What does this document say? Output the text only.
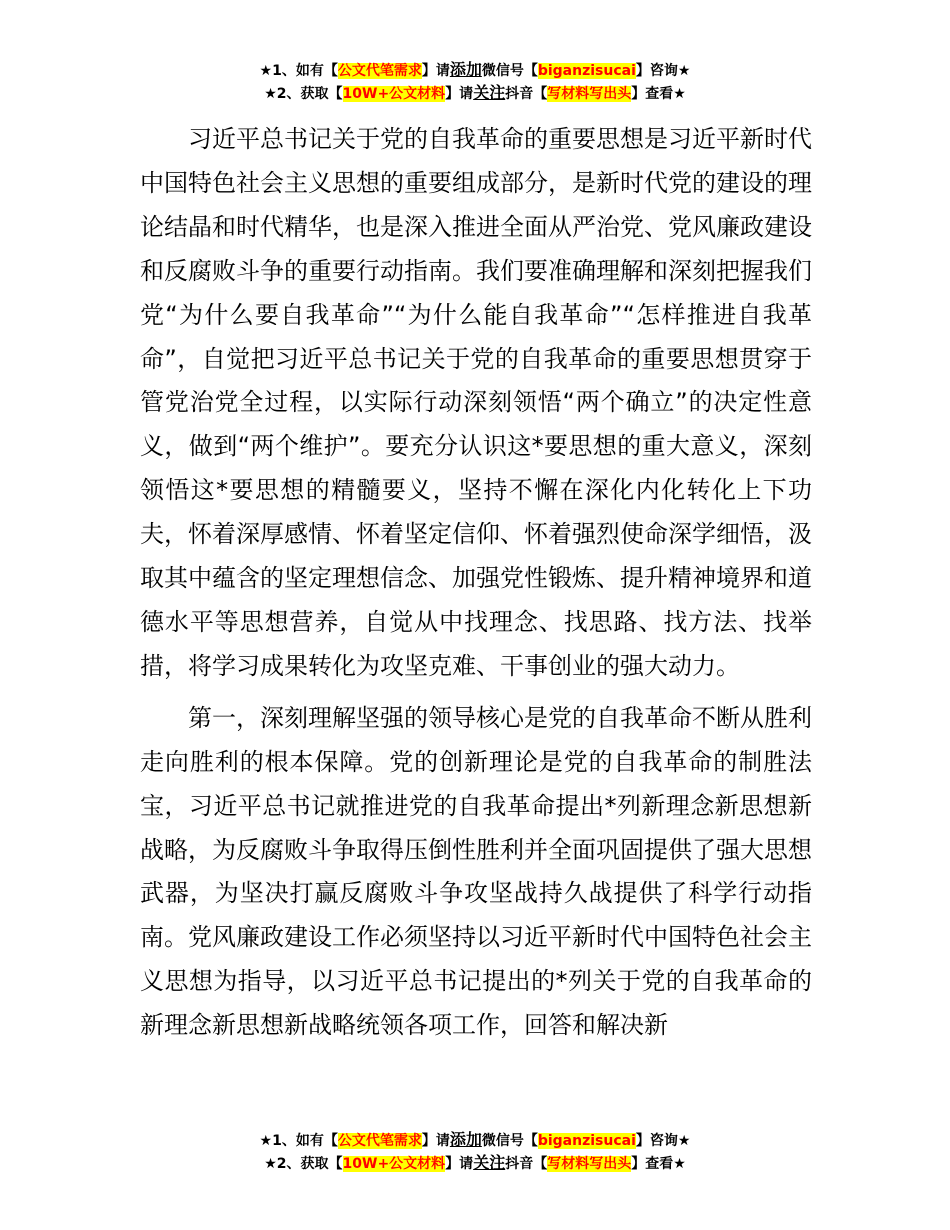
★1、如有【公文代笔需求】请添加微信号【biganzisucai】咨询★
★2、获取【10W+公文材料】请关注抖音【写材料写出头】查看★

习近平总书记关于党的自我革命的重要思想是习近平新时代中国特色社会主义思想的重要组成部分，是新时代党的建设的理论结晶和时代精华，也是深入推进全面从严治党、党风廉政建设和反腐败斗争的重要行动指南。我们要准确理解和深刻把握我们党“为什么要自我革命”“为什么能自我革命”“怎样推进自我革命”，自觉把习近平总书记关于党的自我革命的重要思想贯穿于管党治党全过程，以实际行动深刻领悟“两个确立”的决定性意义，做到“两个维护”。要充分认识这*要思想的重大意义，深刻领悟这*要思想的精髓要义，坚持不懈在深化内化转化上下功夫，怀着深厚感情、怀着坚定信仰、怀着强烈使命深学细悟，汲取其中蕴含的坚定理想信念、加强党性锻炼、提升精神境界和道德水平等思想营养，自觉从中找理念、找思路、找方法、找举措，将学习成果转化为攻坚克难、干事创业的强大动力。

第一，深刻理解坚强的领导核心是党的自我革命不断从胜利走向胜利的根本保障。党的创新理论是党的自我革命的制胜法宝，习近平总书记就推进党的自我革命提出*列新理念新思想新战略，为反腐败斗争取得压倒性胜利并全面巩固提供了强大思想武器，为坚决打赢反腐败斗争攻坚战持久战提供了科学行动指南。党风廉政建设工作必须坚持以习近平新时代中国特色社会主义思想为指导，以习近平总书记提出的*列关于党的自我革命的新理念新思想新战略统领各项工作，回答和解决新

★1、如有【公文代笔需求】请添加微信号【biganzisucai】咨询★
★2、获取【10W+公文材料】请关注抖音【写材料写出头】查看★
